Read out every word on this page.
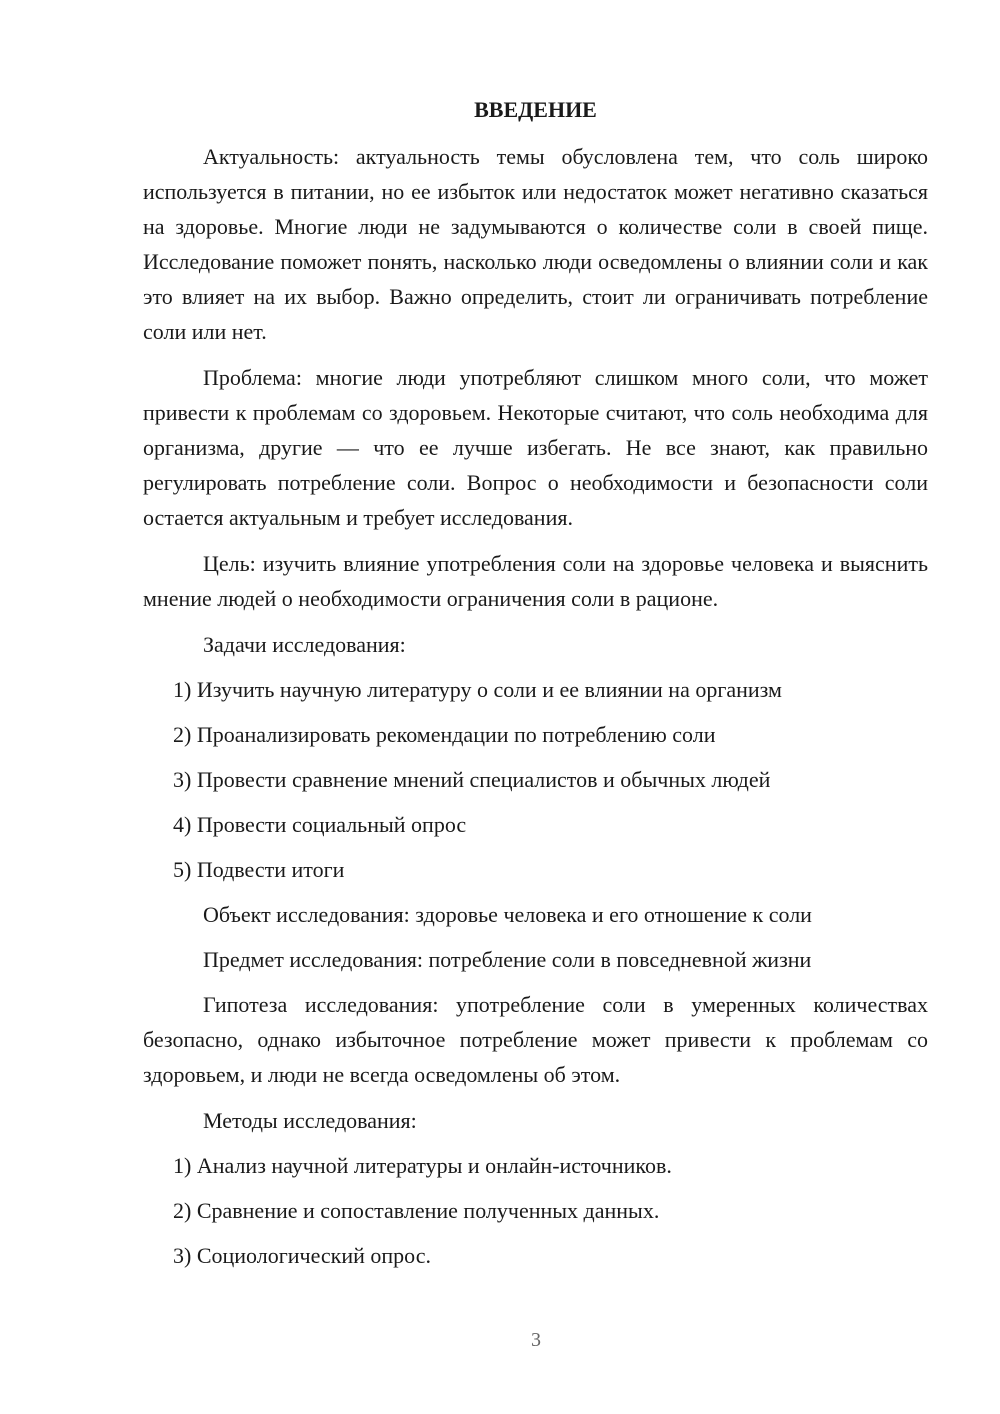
ВВЕДЕНИЕ

Актуальность: актуальность темы обусловлена тем, что соль широко используется в питании, но ее избыток или недостаток может негативно сказаться на здоровье. Многие люди не задумываются о количестве соли в своей пище. Исследование поможет понять, насколько люди осведомлены о влиянии соли и как это влияет на их выбор. Важно определить, стоит ли ограничивать потребление соли или нет.

Проблема: многие люди употребляют слишком много соли, что может привести к проблемам со здоровьем. Некоторые считают, что соль необходима для организма, другие — что ее лучше избегать. Не все знают, как правильно регулировать потребление соли. Вопрос о необходимости и безопасности соли остается актуальным и требует исследования.

Цель: изучить влияние употребления соли на здоровье человека и выяснить мнение людей о необходимости ограничения соли в рационе.

Задачи исследования:

1) Изучить научную литературу о соли и ее влиянии на организм

2) Проанализировать рекомендации по потреблению соли

3) Провести сравнение мнений специалистов и обычных людей

4) Провести социальный опрос

5) Подвести итоги

Объект исследования: здоровье человека и его отношение к соли

Предмет исследования: потребление соли в повседневной жизни

Гипотеза исследования: употребление соли в умеренных количествах безопасно, однако избыточное потребление может привести к проблемам со здоровьем, и люди не всегда осведомлены об этом.

Методы исследования:

1) Анализ научной литературы и онлайн-источников.

2) Сравнение и сопоставление полученных данных.

3) Социологический опрос.

3
